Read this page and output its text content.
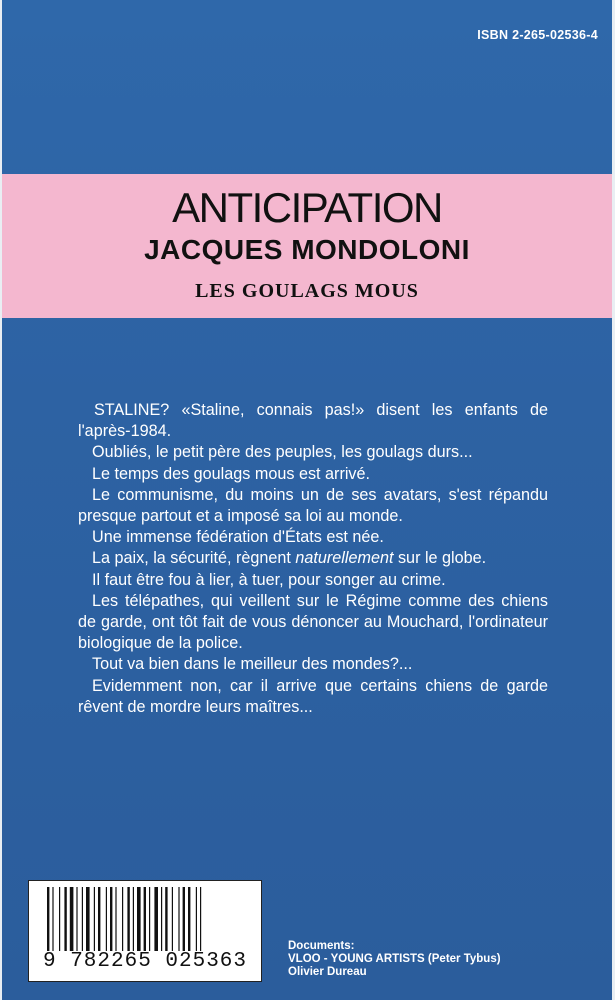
ISBN 2-265-02536-4
ANTICIPATION
JACQUES MONDOLONI
LES GOULAGS MOUS

STALINE? «Staline, connais pas!» disent les enfants de l'après-1984.

Oubliés, le petit père des peuples, les goulags durs...

Le temps des goulags mous est arrivé.

Le communisme, du moins un de ses avatars, s'est répandu presque partout et a imposé sa loi au monde.

Une immense fédération d'États est née.

La paix, la sécurité, règnent naturellement sur le globe.

Il faut être fou à lier, à tuer, pour songer au crime.

Les télépathes, qui veillent sur le Régime comme des chiens de garde, ont tôt fait de vous dénoncer au Mouchard, l'ordinateur biologique de la police.

Tout va bien dans le meilleur des mondes?...

Evidemment non, car il arrive que certains chiens de garde rêvent de mordre leurs maîtres...

9 782265 025363
Documents:
VLOO - YOUNG ARTISTS (Peter Tybus)
Olivier Dureau
